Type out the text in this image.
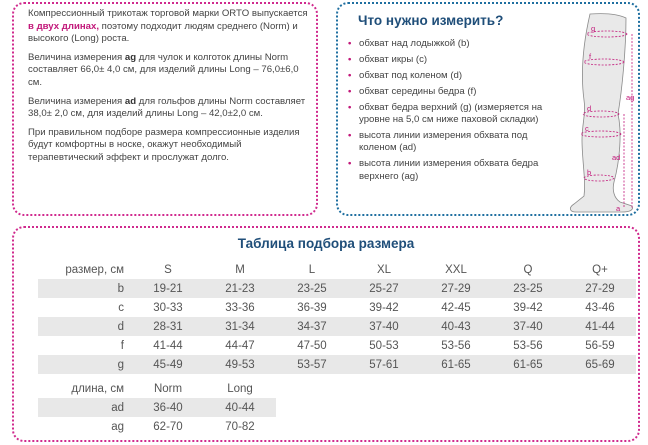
Компрессионный трикотаж торговой марки ORTO выпускается в двух длинах, поэтому подходит людям среднего (Norm) и высокого (Long) роста.

Величина измерения ag для чулок и колготок длины Norm составляет 66,0± 4,0 см, для изделий длины Long – 76,0±6,0 см.

Величина измерения ad для гольфов длины Norm составляет 38,0± 2,0 см, для изделий длины Long – 42,0±2,0 см.

При правильном подборе размера компрессионные изделия будут комфортны в носке, окажут необходимый терапевтический эффект и прослужат долго.

Что нужно измерить?
• обхват над лодыжкой (b)
• обхват икры (c)
• обхват под коленом (d)
• обхват середины бедра (f)
• обхват бедра верхний (g) (измеряется на уровне на 5,0 см ниже паховой складки)
• высота линии измерения обхвата под коленом (ad)
• высота линии измерения обхвата бедра верхнего (ag)
g
f
ag
d
c
ad
b
a
Таблица подбора размера
размер, см	S	M	L	XL	XXL	Q	Q+
b	19-21	21-23	23-25	25-27	27-29	23-25	27-29
c	30-33	33-36	36-39	39-42	42-45	39-42	43-46
d	28-31	31-34	34-37	37-40	40-43	37-40	41-44
f	41-44	44-47	47-50	50-53	53-56	53-56	56-59
g	45-49	49-53	53-57	57-61	61-65	61-65	65-69
длина, см	Norm	Long
ad	36-40	40-44
ag	62-70	70-82
